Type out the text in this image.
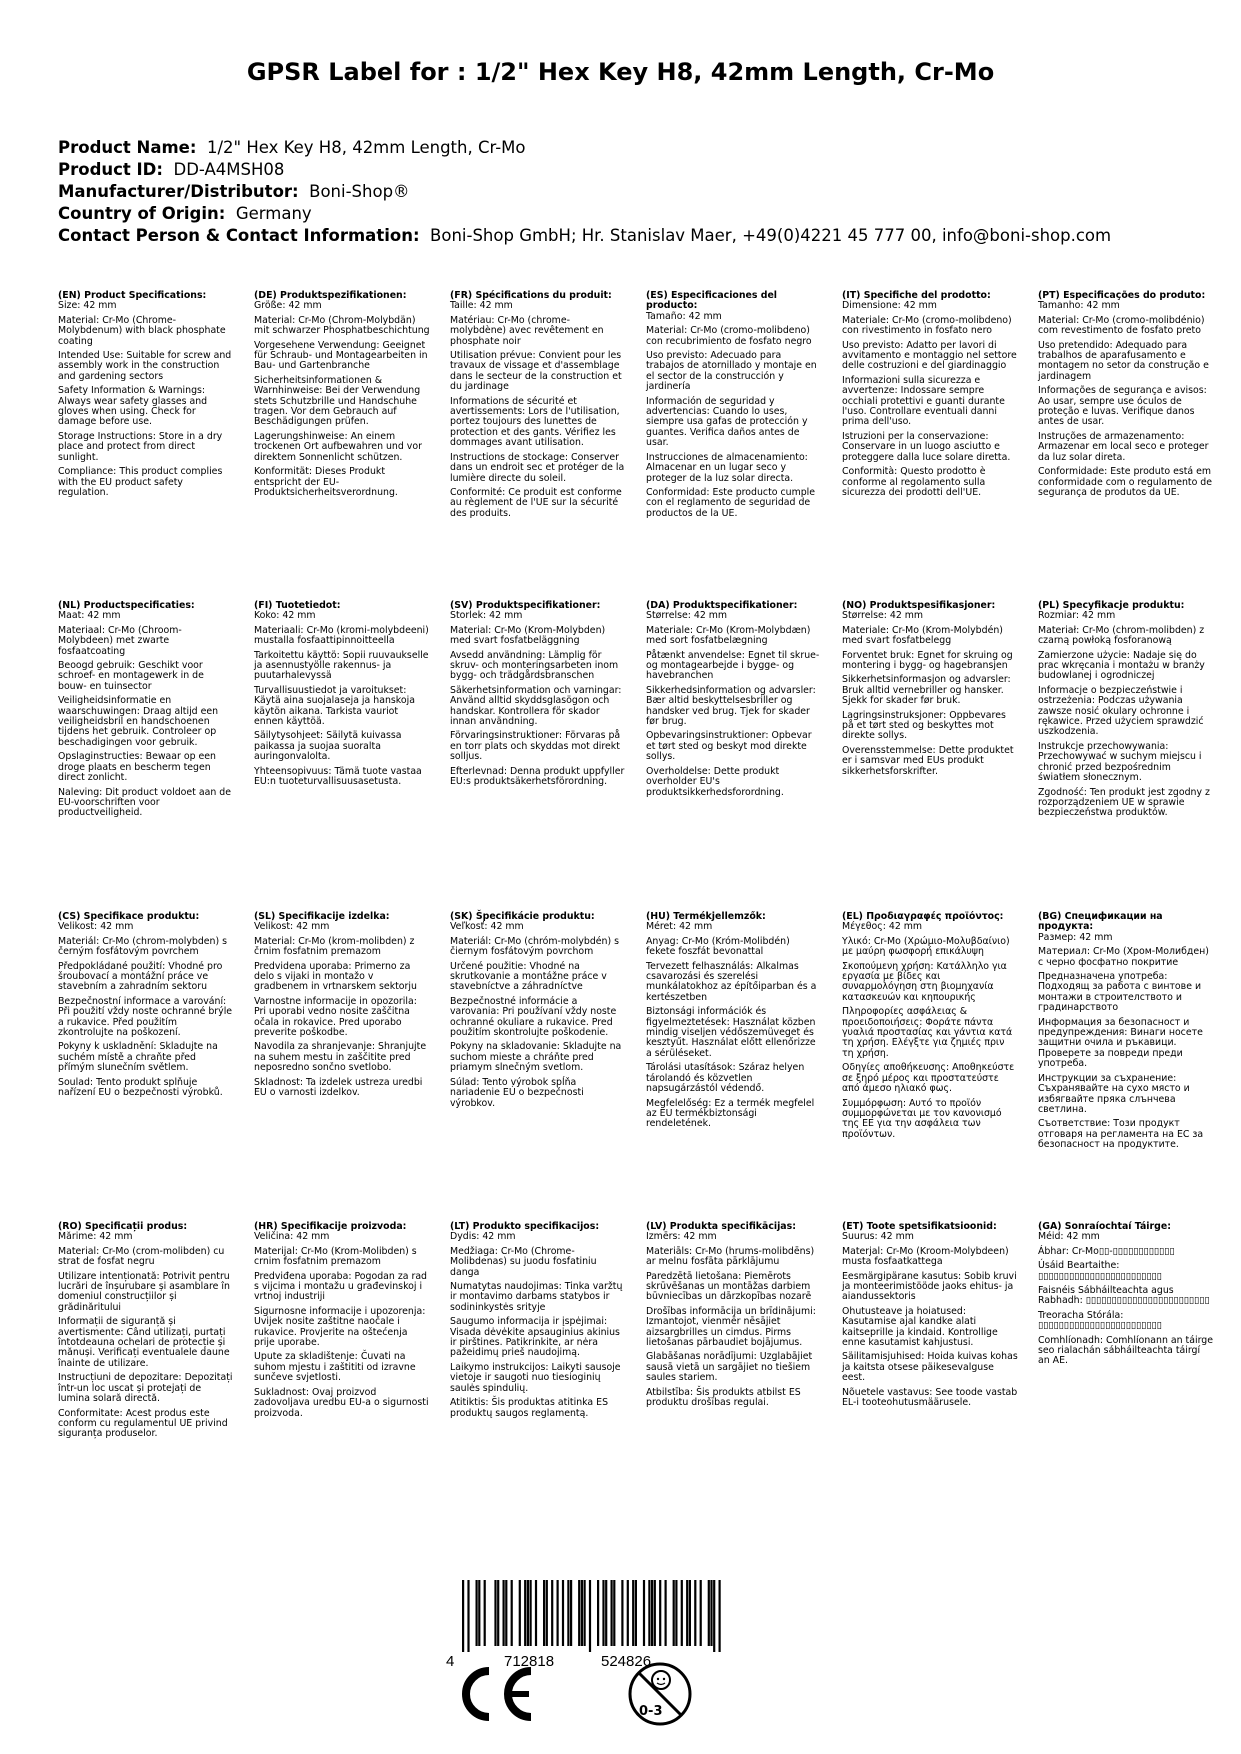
GPSR Label for : 1/2" Hex Key H8, 42mm Length, Cr-Mo
Product Name: 1/2" Hex Key H8, 42mm Length, Cr-Mo
Product ID: DD-A4MSH08
Manufacturer/Distributor: Boni-Shop®
Country of Origin: Germany
Contact Person & Contact Information: Boni-Shop GmbH; Hr. Stanislav Maer, +49(0)4221 45 777 00, info@boni-shop.com
(EN) Product Specifications:

Size: 42 mm

Material: Cr-Mo (Chrome-Molybdenum) with black phosphate coating

Intended Use: Suitable for screw and assembly work in the construction and gardening sectors

Safety Information & Warnings: Always wear safety glasses and gloves when using. Check for damage before use.

Storage Instructions: Store in a dry place and protect from direct sunlight.

Compliance: This product complies with the EU product safety regulation.

(DE) Produktspezifikationen:

Größe: 42 mm

Material: Cr-Mo (Chrom-Molybdän) mit schwarzer Phosphatbeschichtung

Vorgesehene Verwendung: Geeignet für Schraub- und Montagearbeiten in Bau- und Gartenbranche

Sicherheitsinformationen & Warnhinweise: Bei der Verwendung stets Schutzbrille und Handschuhe tragen. Vor dem Gebrauch auf Beschädigungen prüfen.

Lagerungshinweise: An einem trockenen Ort aufbewahren und vor direktem Sonnenlicht schützen.

Konformität: Dieses Produkt entspricht der EU-Produktsicherheitsverordnung.

(FR) Spécifications du produit:

Taille: 42 mm

Matériau: Cr-Mo (chrome-molybdène) avec revêtement en phosphate noir

Utilisation prévue: Convient pour les travaux de vissage et d'assemblage dans le secteur de la construction et du jardinage

Informations de sécurité et avertissements: Lors de l'utilisation, portez toujours des lunettes de protection et des gants. Vérifiez les dommages avant utilisation.

Instructions de stockage: Conserver dans un endroit sec et protéger de la lumière directe du soleil.

Conformité: Ce produit est conforme au règlement de l'UE sur la sécurité des produits.

(ES) Especificaciones del producto:

Tamaño: 42 mm

Material: Cr-Mo (cromo-molibdeno) con recubrimiento de fosfato negro

Uso previsto: Adecuado para trabajos de atornillado y montaje en el sector de la construcción y jardinería

Información de seguridad y advertencias: Cuando lo uses, siempre usa gafas de protección y guantes. Verifica daños antes de usar.

Instrucciones de almacenamiento: Almacenar en un lugar seco y proteger de la luz solar directa.

Conformidad: Este producto cumple con el reglamento de seguridad de productos de la UE.

(IT) Specifiche del prodotto:

Dimensione: 42 mm

Materiale: Cr-Mo (cromo-molibdeno) con rivestimento in fosfato nero

Uso previsto: Adatto per lavori di avvitamento e montaggio nel settore delle costruzioni e del giardinaggio

Informazioni sulla sicurezza e avvertenze: Indossare sempre occhiali protettivi e guanti durante l'uso. Controllare eventuali danni prima dell'uso.

Istruzioni per la conservazione: Conservare in un luogo asciutto e proteggere dalla luce solare diretta.

Conformità: Questo prodotto è conforme al regolamento sulla sicurezza dei prodotti dell'UE.

(PT) Especificações do produto:

Tamanho: 42 mm

Material: Cr-Mo (cromo-molibdénio) com revestimento de fosfato preto

Uso pretendido: Adequado para trabalhos de aparafusamento e montagem no setor da construção e jardinagem

Informações de segurança e avisos: Ao usar, sempre use óculos de proteção e luvas. Verifique danos antes de usar.

Instruções de armazenamento: Armazenar em local seco e proteger da luz solar direta.

Conformidade: Este produto está em conformidade com o regulamento de segurança de produtos da UE.

(NL) Productspecificaties:

Maat: 42 mm

Materiaal: Cr-Mo (Chroom-Molybdeen) met zwarte fosfaatcoating

Beoogd gebruik: Geschikt voor schroef- en montagewerk in de bouw- en tuinsector

Veiligheidsinformatie en waarschuwingen: Draag altijd een veiligheidsbril en handschoenen tijdens het gebruik. Controleer op beschadigingen voor gebruik.

Opslaginstructies: Bewaar op een droge plaats en bescherm tegen direct zonlicht.

Naleving: Dit product voldoet aan de EU-voorschriften voor productveiligheid.

(FI) Tuotetiedot:

Koko: 42 mm

Materiaali: Cr-Mo (kromi-molybdeeni) mustalla fosfaattipinnoitteella

Tarkoitettu käyttö: Sopii ruuvaukselle ja asennustyölle rakennus- ja puutarhalevyssä

Turvallisuustiedot ja varoitukset: Käytä aina suojalaseja ja hanskoja käytön aikana. Tarkista vauriot ennen käyttöä.

Säilytysohjeet: Säilytä kuivassa paikassa ja suojaa suoralta auringonvalolta.

Yhteensopivuus: Tämä tuote vastaa EU:n tuoteturvallisuusasetusta.

(SV) Produktspecifikationer:

Storlek: 42 mm

Material: Cr-Mo (Krom-Molybden) med svart fosfatbeläggning

Avsedd användning: Lämplig för skruv- och monteringsarbeten inom bygg- och trädgårdsbranschen

Säkerhetsinformation och varningar: Använd alltid skyddsglasögon och handskar. Kontrollera för skador innan användning.

Förvaringsinstruktioner: Förvaras på en torr plats och skyddas mot direkt solljus.

Efterlevnad: Denna produkt uppfyller EU:s produktsäkerhetsförordning.

(DA) Produktspecifikationer:

Størrelse: 42 mm

Materiale: Cr-Mo (Krom-Molybdæn) med sort fosfatbelægning

Påtænkt anvendelse: Egnet til skrue- og montagearbejde i bygge- og havebranchen

Sikkerhedsinformation og advarsler: Bær altid beskyttelsesbriller og handsker ved brug. Tjek for skader før brug.

Opbevaringsinstruktioner: Opbevar et tørt sted og beskyt mod direkte sollys.

Overholdelse: Dette produkt overholder EU's produktsikkerhedsforordning.

(NO) Produktspesifikasjoner:

Størrelse: 42 mm

Materiale: Cr-Mo (Krom-Molybdén) med svart fosfatbelegg

Forventet bruk: Egnet for skruing og montering i bygg- og hagebransjen

Sikkerhetsinformasjon og advarsler: Bruk alltid vernebriller og hansker. Sjekk for skader før bruk.

Lagringsinstruksjoner: Oppbevares på et tørt sted og beskyttes mot direkte sollys.

Overensstemmelse: Dette produktet er i samsvar med EUs produkt sikkerhetsforskrifter.

(PL) Specyfikacje produktu:

Rozmiar: 42 mm

Materiał: Cr-Mo (chrom-molibden) z czarną powłoką fosforanową

Zamierzone użycie: Nadaje się do prac wkręcania i montażu w branży budowlanej i ogrodniczej

Informacje o bezpieczeństwie i ostrzeżenia: Podczas używania zawsze nosić okulary ochronne i rękawice. Przed użyciem sprawdzić uszkodzenia.

Instrukcje przechowywania: Przechowywać w suchym miejscu i chronić przed bezpośrednim światłem słonecznym.

Zgodność: Ten produkt jest zgodny z rozporządzeniem UE w sprawie bezpieczeństwa produktów.

(CS) Specifikace produktu:

Velikost: 42 mm

Materiál: Cr-Mo (chrom-molybden) s černým fosfátovým povrchem

Předpokládané použití: Vhodné pro šroubovací a montážní práce ve stavebním a zahradním sektoru

Bezpečnostní informace a varování: Při použití vždy noste ochranné brýle a rukavice. Před použitím zkontrolujte na poškození.

Pokyny k uskladnění: Skladujte na suchém místě a chraňte před přímým slunečním světlem.

Soulad: Tento produkt splňuje nařízení EU o bezpečnosti výrobků.

(SL) Specifikacije izdelka:

Velikost: 42 mm

Material: Cr-Mo (krom-molibden) z črnim fosfatnim premazom

Predvidena uporaba: Primerno za delo s vijaki in montažo v gradbenem in vrtnarskem sektorju

Varnostne informacije in opozorila: Pri uporabi vedno nosite zaščitna očala in rokavice. Pred uporabo preverite poškodbe.

Navodila za shranjevanje: Shranjujte na suhem mestu in zaščitite pred neposredno sončno svetlobo.

Skladnost: Ta izdelek ustreza uredbi EU o varnosti izdelkov.

(SK) Špecifikácie produktu:

Veľkosť: 42 mm

Materiál: Cr-Mo (chróm-molybdén) s čiernym fosfátovým povrchom

Určené použitie: Vhodné na skrutkovanie a montážne práce v stavebníctve a záhradníctve

Bezpečnostné informácie a varovania: Pri používaní vždy noste ochranné okuliare a rukavice. Pred použitím skontrolujte poškodenie.

Pokyny na skladovanie: Skladujte na suchom mieste a chráňte pred priamym slnečným svetlom.

Súlad: Tento výrobok spĺňa nariadenie EÚ o bezpečnosti výrobkov.

(HU) Termékjellemzők:

Méret: 42 mm

Anyag: Cr-Mo (Króm-Molibdén) fekete foszfát bevonattal

Tervezett felhasználás: Alkalmas csavarozási és szerelési munkálatokhoz az építőiparban és a kertészetben

Biztonsági információk és figyelmeztetések: Használat közben mindig viseljen védőszemüveget és kesztyűt. Használat előtt ellenőrizze a sérüléseket.

Tárolási utasítások: Száraz helyen tárolandó és közvetlen napsugárzástól védendő.

Megfelelőség: Ez a termék megfelel az EU termékbiztonsági rendeletének.

(EL) Προδιαγραφές προϊόντος:

Μέγεθος: 42 mm

Υλικό: Cr-Mo (Χρώμιο-Μολυβδαίνιο) με μαύρη φωσφορή επικάλυψη

Σκοπούμενη χρήση: Κατάλληλο για εργασία με βίδες και συναρμολόγηση στη βιομηχανία κατασκευών και κηπουρικής

Πληροφορίες ασφάλειας & προειδοποιήσεις: Φοράτε πάντα γυαλιά προστασίας και γάντια κατά τη χρήση. Ελέγξτε για ζημιές πριν τη χρήση.

Οδηγίες αποθήκευσης: Αποθηκεύστε σε ξηρό μέρος και προστατεύστε από άμεσο ηλιακό φως.

Συμμόρφωση: Αυτό το προϊόν συμμορφώνεται με τον κανονισμό της ΕΕ για την ασφάλεια των προϊόντων.

(BG) Спецификации на продукта:

Размер: 42 mm

Материал: Cr-Mo (Хром-Молибден) с черно фосфатно покритие

Предназначена употреба: Подходящ за работа с винтове и монтажи в строителството и градинарството

Информация за безопасност и предупреждения: Винаги носете защитни очила и ръкавици. Проверете за повреди преди употреба.

Инструкции за съхранение: Съхранявайте на сухо място и избягвайте пряка слънчева светлина.

Съответствие: Този продукт отговаря на регламента на ЕС за безопасност на продуктите.

(RO) Specificații produs:

Mărime: 42 mm

Material: Cr-Mo (crom-molibden) cu strat de fosfat negru

Utilizare intenționată: Potrivit pentru lucrări de înșurubare și asamblare în domeniul construcțiilor și grădinăritului

Informații de siguranță și avertismente: Când utilizați, purtați întotdeauna ochelari de protecție și mănuși. Verificați eventualele daune înainte de utilizare.

Instrucțiuni de depozitare: Depozitați într-un loc uscat și protejați de lumina solară directă.

Conformitate: Acest produs este conform cu regulamentul UE privind siguranța produselor.

(HR) Specifikacije proizvoda:

Veličina: 42 mm

Materijal: Cr-Mo (Krom-Molibden) s crnim fosfatnim premazom

Predviđena uporaba: Pogodan za rad s vijcima i montažu u građevinskoj i vrtnoj industriji

Sigurnosne informacije i upozorenja: Uvijek nosite zaštitne naočale i rukavice. Provjerite na oštećenja prije uporabe.

Upute za skladištenje: Čuvati na suhom mjestu i zaštititi od izravne sunčeve svjetlosti.

Sukladnost: Ovaj proizvod zadovoljava uredbu EU-a o sigurnosti proizvoda.

(LT) Produkto specifikacijos:

Dydis: 42 mm

Medžiaga: Cr-Mo (Chrome-Molibdenas) su juodu fosfatiniu danga

Numatytas naudojimas: Tinka varžtų ir montavimo darbams statybos ir sodininkystės srityje

Saugumo informacija ir įspėjimai: Visada dėvėkite apsauginius akinius ir pirštines. Patikrinkite, ar nėra pažeidimų prieš naudojimą.

Laikymo instrukcijos: Laikyti sausoje vietoje ir saugoti nuo tiesioginių saulės spindulių.

Atitiktis: Šis produktas atitinka ES produktų saugos reglamentą.

(LV) Produkta specifikācijas:

Izmērs: 42 mm

Materiāls: Cr-Mo (hrums-molibdēns) ar melnu fosfāta pārklājumu

Paredzētā lietošana: Piemērots skrūvēšanas un montāžas darbiem būvniecības un dārzkopības nozarē

Drošības informācija un brīdinājumi: Izmantojot, vienmēr nēsājiet aizsargbrilles un cimdus. Pirms lietošanas pārbaudiet bojājumus.

Glabāšanas norādījumi: Uzglabājiet sausā vietā un sargājiet no tiešiem saules stariem.

Atbilstība: Šis produkts atbilst ES produktu drošības regulai.

(ET) Toote spetsifikatsioonid:

Suurus: 42 mm

Materjal: Cr-Mo (Kroom-Molybdeen) musta fosfaatkattega

Eesmärgipärane kasutus: Sobib kruvi ja monteerimistööde jaoks ehitus- ja aiandussektoris

Ohutusteave ja hoiatused: Kasutamise ajal kandke alati kaitseprille ja kindaid. Kontrollige enne kasutamist kahjustusi.

Säilitamisjuhised: Hoida kuivas kohas ja kaitsta otsese päikesevalguse eest.

Nõuetele vastavus: See toode vastab EL-i tooteohutusmäärusele.

(GA) Sonraíochtaí Táirge:

Méid: 42 mm

Ábhar: Cr-Mo▯▯-▯▯▯▯▯▯▯▯▯▯▯▯

Úsáid Beartaithe: ▯▯▯▯▯▯▯▯▯▯▯▯▯▯▯▯▯▯▯▯▯▯▯▯

Faisnéis Sábháilteachta agus Rabhadh: ▯▯▯▯▯▯▯▯▯▯▯▯▯▯▯▯▯▯▯▯▯▯▯▯

Treoracha Stórála: ▯▯▯▯▯▯▯▯▯▯▯▯▯▯▯▯▯▯▯▯▯▯▯▯

Comhlíonadh: Comhlíonann an táirge seo rialachán sábháilteachta táirgí an AE.

4	712818	524826
0-3
